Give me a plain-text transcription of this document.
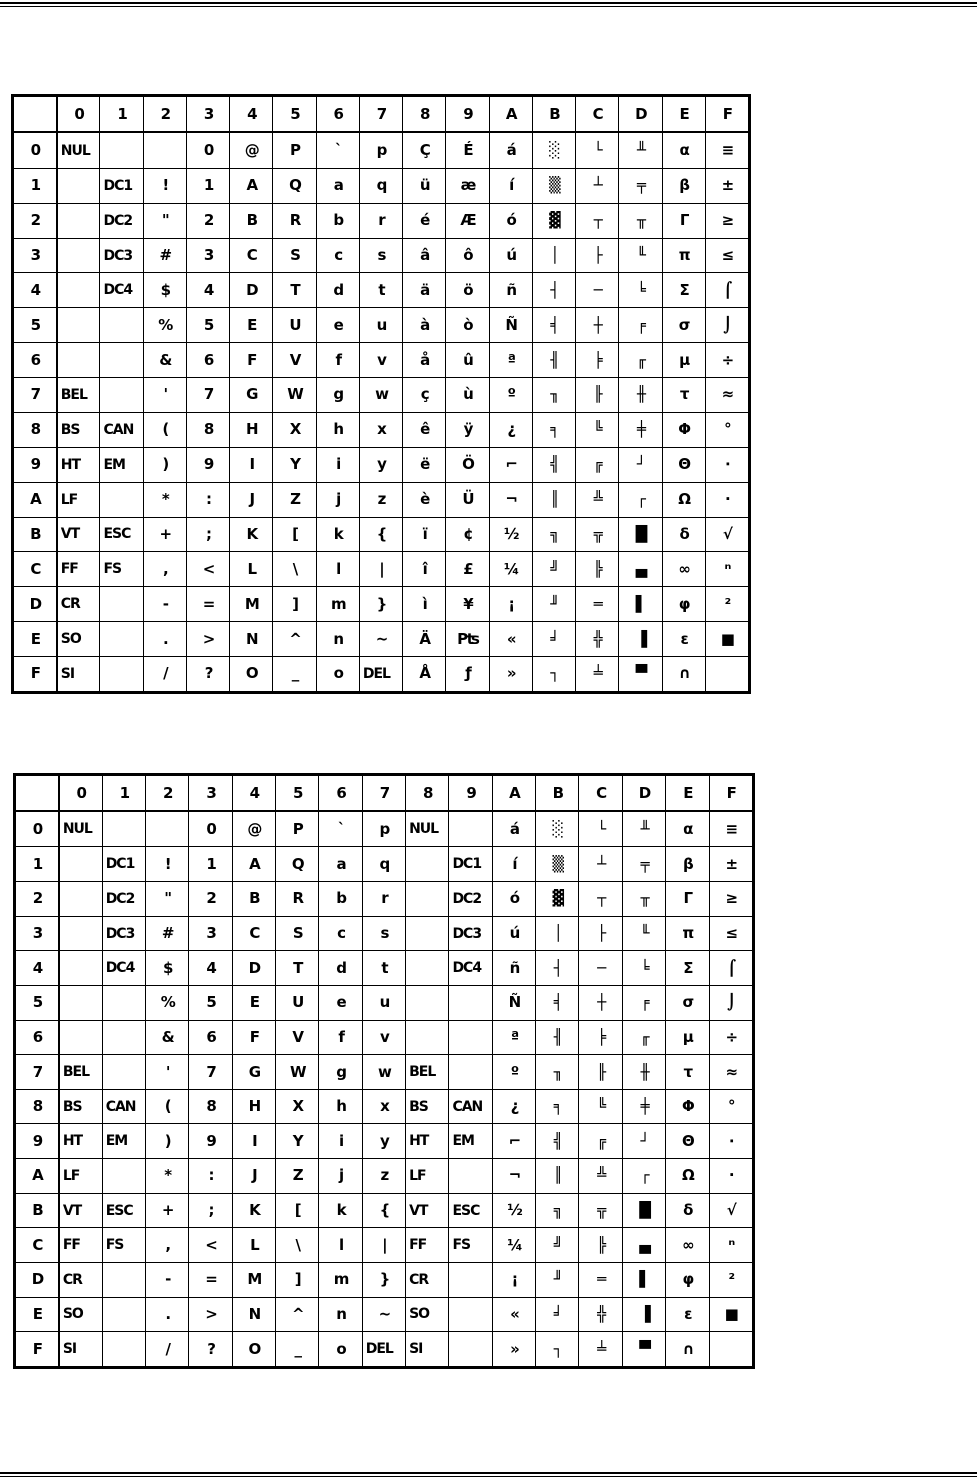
	0	1	2	3	4	5	6	7	8	9	A	B	C	D	E	F
0	NUL			0	@	P	`	p	Ç	É	á	░	└	╨	α	≡
1		DC1	!	1	A	Q	a	q	ü	æ	í	▒	┴	╤	β	±
2		DC2	"	2	B	R	b	r	é	Æ	ó	▓	┬	╥	Γ	≥
3		DC3	#	3	C	S	c	s	â	ô	ú	│	├	╙	π	≤
4		DC4	$	4	D	T	d	t	ä	ö	ñ	┤	─	╘	Σ	⌠
5			%	5	E	U	e	u	à	ò	Ñ	╡	┼	╒	σ	⌡
6			&	6	F	V	f	v	å	û	ª	╢	╞	╓	µ	÷
7	BEL		'	7	G	W	g	w	ç	ù	º	╖	╟	╫	τ	≈
8	BS	CAN	(	8	H	X	h	x	ê	ÿ	¿	╕	╚	╪	Φ	°
9	HT	EM	)	9	I	Y	i	y	ë	Ö	⌐	╣	╔	┘	Θ	∙
A	LF		*	:	J	Z	j	z	è	Ü	¬	║	╩	┌	Ω	·
B	VT	ESC	+	;	K	[	k	{	ï	¢	½	╗	╦	█	δ	√
C	FF	FS	,	<	L	\	l	|	î	£	¼	╝	╠	▄	∞	ⁿ
D	CR		-	=	M	]	m	}	ì	¥	¡	╜	═	▌	φ	²
E	SO		.	>	N	^	n	~	Ä	₧	«	╛	╬	▐	ε	■
F	SI		/	?	O	_	o	DEL	Å	ƒ	»	┐	╧	▀	∩	
	0	1	2	3	4	5	6	7	8	9	A	B	C	D	E	F
0	NUL			0	@	P	`	p	NUL		á	░	└	╨	α	≡
1		DC1	!	1	A	Q	a	q		DC1	í	▒	┴	╤	β	±
2		DC2	"	2	B	R	b	r		DC2	ó	▓	┬	╥	Γ	≥
3		DC3	#	3	C	S	c	s		DC3	ú	│	├	╙	π	≤
4		DC4	$	4	D	T	d	t		DC4	ñ	┤	─	╘	Σ	⌠
5			%	5	E	U	e	u			Ñ	╡	┼	╒	σ	⌡
6			&	6	F	V	f	v			ª	╢	╞	╓	µ	÷
7	BEL		'	7	G	W	g	w	BEL		º	╖	╟	╫	τ	≈
8	BS	CAN	(	8	H	X	h	x	BS	CAN	¿	╕	╚	╪	Φ	°
9	HT	EM	)	9	I	Y	i	y	HT	EM	⌐	╣	╔	┘	Θ	∙
A	LF		*	:	J	Z	j	z	LF		¬	║	╩	┌	Ω	·
B	VT	ESC	+	;	K	[	k	{	VT	ESC	½	╗	╦	█	δ	√
C	FF	FS	,	<	L	\	l	|	FF	FS	¼	╝	╠	▄	∞	ⁿ
D	CR		-	=	M	]	m	}	CR		¡	╜	═	▌	φ	²
E	SO		.	>	N	^	n	~	SO		«	╛	╬	▐	ε	■
F	SI		/	?	O	_	o	DEL	SI		»	┐	╧	▀	∩	
